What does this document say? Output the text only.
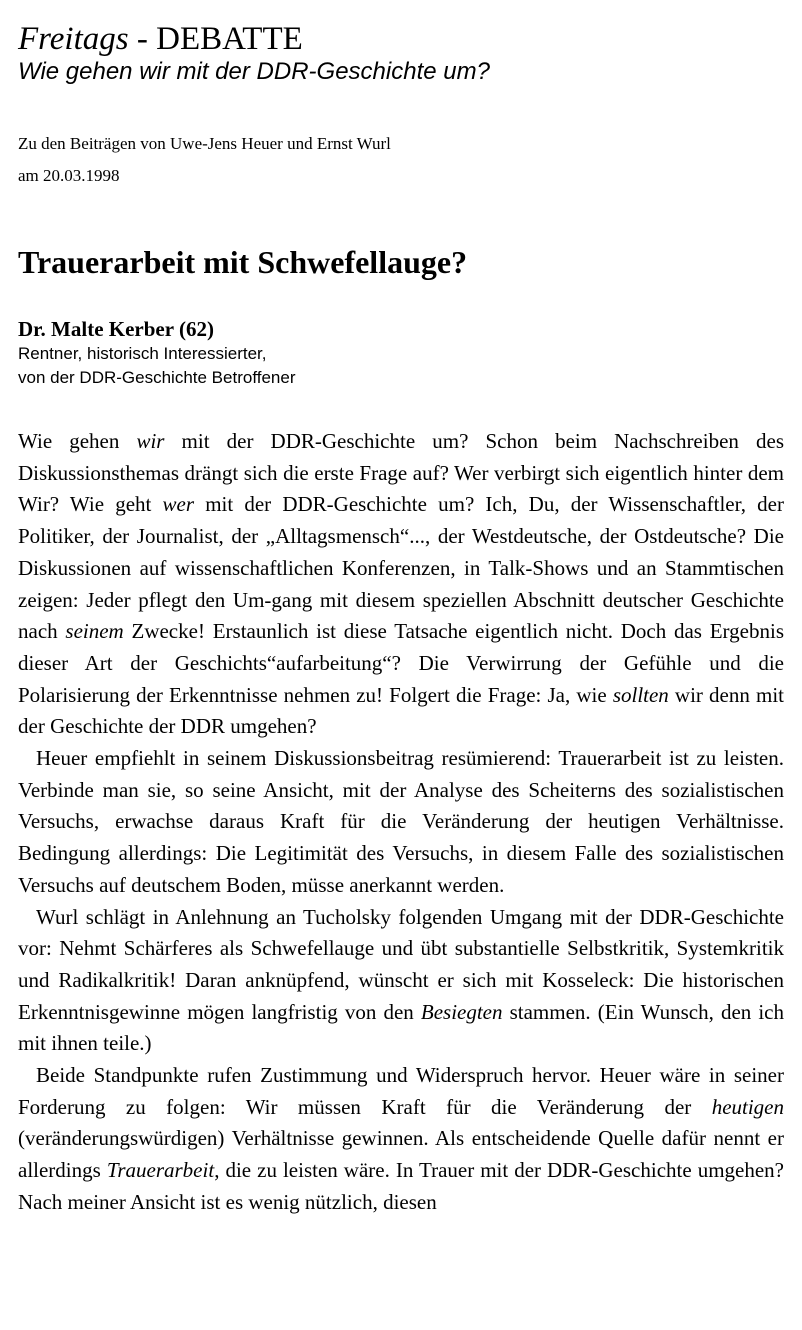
Freitags - DEBATTE
Wie gehen wir mit der DDR-Geschichte um?
Zu den Beiträgen von Uwe-Jens Heuer und Ernst Wurl
am 20.03.1998
Trauerarbeit mit Schwefellauge?
Dr. Malte Kerber (62)
Rentner, historisch Interessierter,
von der DDR-Geschichte Betroffener

Wie gehen wir mit der DDR-Geschichte um? Schon beim Nachschreiben des Diskussionsthemas drängt sich die erste Frage auf? Wer verbirgt sich eigentlich hinter dem Wir? Wie geht wer mit der DDR-Geschichte um? Ich, Du, der Wissenschaftler, der Politiker, der Journalist, der „Alltagsmensch“..., der Westdeutsche, der Ostdeutsche? Die Diskussionen auf wissenschaftlichen Konferenzen, in Talk-Shows und an Stammtischen zeigen: Jeder pflegt den Um-gang mit diesem speziellen Abschnitt deutscher Geschichte nach seinem Zwecke! Erstaunlich ist diese Tatsache eigentlich nicht. Doch das Ergebnis dieser Art der Geschichts“aufarbeitung“? Die Verwirrung der Gefühle und die Polarisierung der Erkenntnisse nehmen zu! Folgert die Frage: Ja, wie sollten wir denn mit der Geschichte der DDR umgehen?

Heuer empfiehlt in seinem Diskussionsbeitrag resümierend: Trauerarbeit ist zu leisten. Verbinde man sie, so seine Ansicht, mit der Analyse des Scheiterns des sozialistischen Versuchs, erwachse daraus Kraft für die Veränderung der heutigen Verhältnisse. Bedingung allerdings: Die Legitimität des Versuchs, in diesem Falle des sozialistischen Versuchs auf deutschem Boden, müsse anerkannt werden.

Wurl schlägt in Anlehnung an Tucholsky folgenden Umgang mit der DDR-Geschichte vor: Nehmt Schärferes als Schwefellauge und übt substantielle Selbstkritik, Systemkritik und Radikalkritik! Daran anknüpfend, wünscht er sich mit Kosseleck: Die historischen Erkenntnisgewinne mögen langfristig von den Besiegten stammen. (Ein Wunsch, den ich mit ihnen teile.)

Beide Standpunkte rufen Zustimmung und Widerspruch hervor. Heuer wäre in seiner Forderung zu folgen: Wir müssen Kraft für die Veränderung der heutigen (veränderungswürdigen) Verhältnisse gewinnen. Als entscheidende Quelle dafür nennt er allerdings Trauerarbeit, die zu leisten wäre. In Trauer mit der DDR-Geschichte umgehen? Nach meiner Ansicht ist es wenig nützlich, diesen
